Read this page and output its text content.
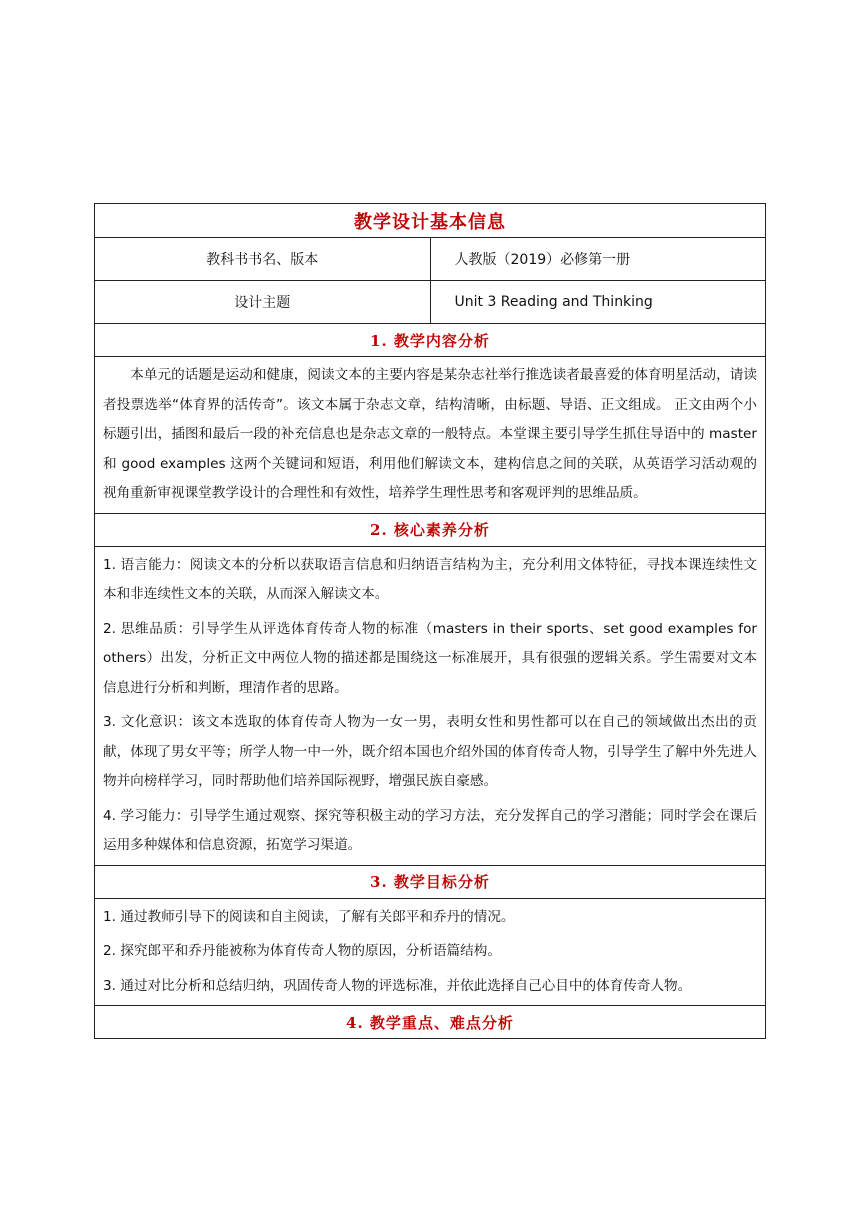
教学设计基本信息	
教科书书名、版本	人教版（2019）必修第一册
设计主题	Unit 3 Reading and Thinking
1. 教学内容分析	

本单元的话题是运动和健康，阅读文本的主要内容是某杂志社举行推选读者最喜爱的体育明星活动，请读者投票选举“体育界的活传奇”。该文本属于杂志文章，结构清晰，由标题、导语、正文组成。 正文由两个小标题引出，插图和最后一段的补充信息也是杂志文章的一般特点。本堂课主要引导学生抓住导语中的 master 和 good examples 这两个关键词和短语，利用他们解读文本，建构信息之间的关联，从英语学习活动观的视角重新审视课堂教学设计的合理性和有效性，培养学生理性思考和客观评判的思维品质。	

2. 核心素养分析	

1. 语言能力：阅读文本的分析以获取语言信息和归纳语言结构为主，充分利用文体特征，寻找本课连续性文本和非连续性文本的关联，从而深入解读文本。

2. 思维品质：引导学生从评选体育传奇人物的标准（masters in their sports、set good examples for others）出发，分析正文中两位人物的描述都是围绕这一标准展开，具有很强的逻辑关系。学生需要对文本信息进行分析和判断，理清作者的思路。

3. 文化意识：该文本选取的体育传奇人物为一女一男，表明女性和男性都可以在自己的领域做出杰出的贡献，体现了男女平等；所学人物一中一外，既介绍本国也介绍外国的体育传奇人物，引导学生了解中外先进人物并向榜样学习，同时帮助他们培养国际视野，增强民族自豪感。

4. 学习能力：引导学生通过观察、探究等积极主动的学习方法，充分发挥自己的学习潜能；同时学会在课后运用多种媒体和信息资源，拓宽学习渠道。	

3. 教学目标分析	

1. 通过教师引导下的阅读和自主阅读，了解有关郎平和乔丹的情况。

2. 探究郎平和乔丹能被称为体育传奇人物的原因，分析语篇结构。

3. 通过对比分析和总结归纳，巩固传奇人物的评选标准，并依此选择自己心目中的体育传奇人物。	

4. 教学重点、难点分析	
